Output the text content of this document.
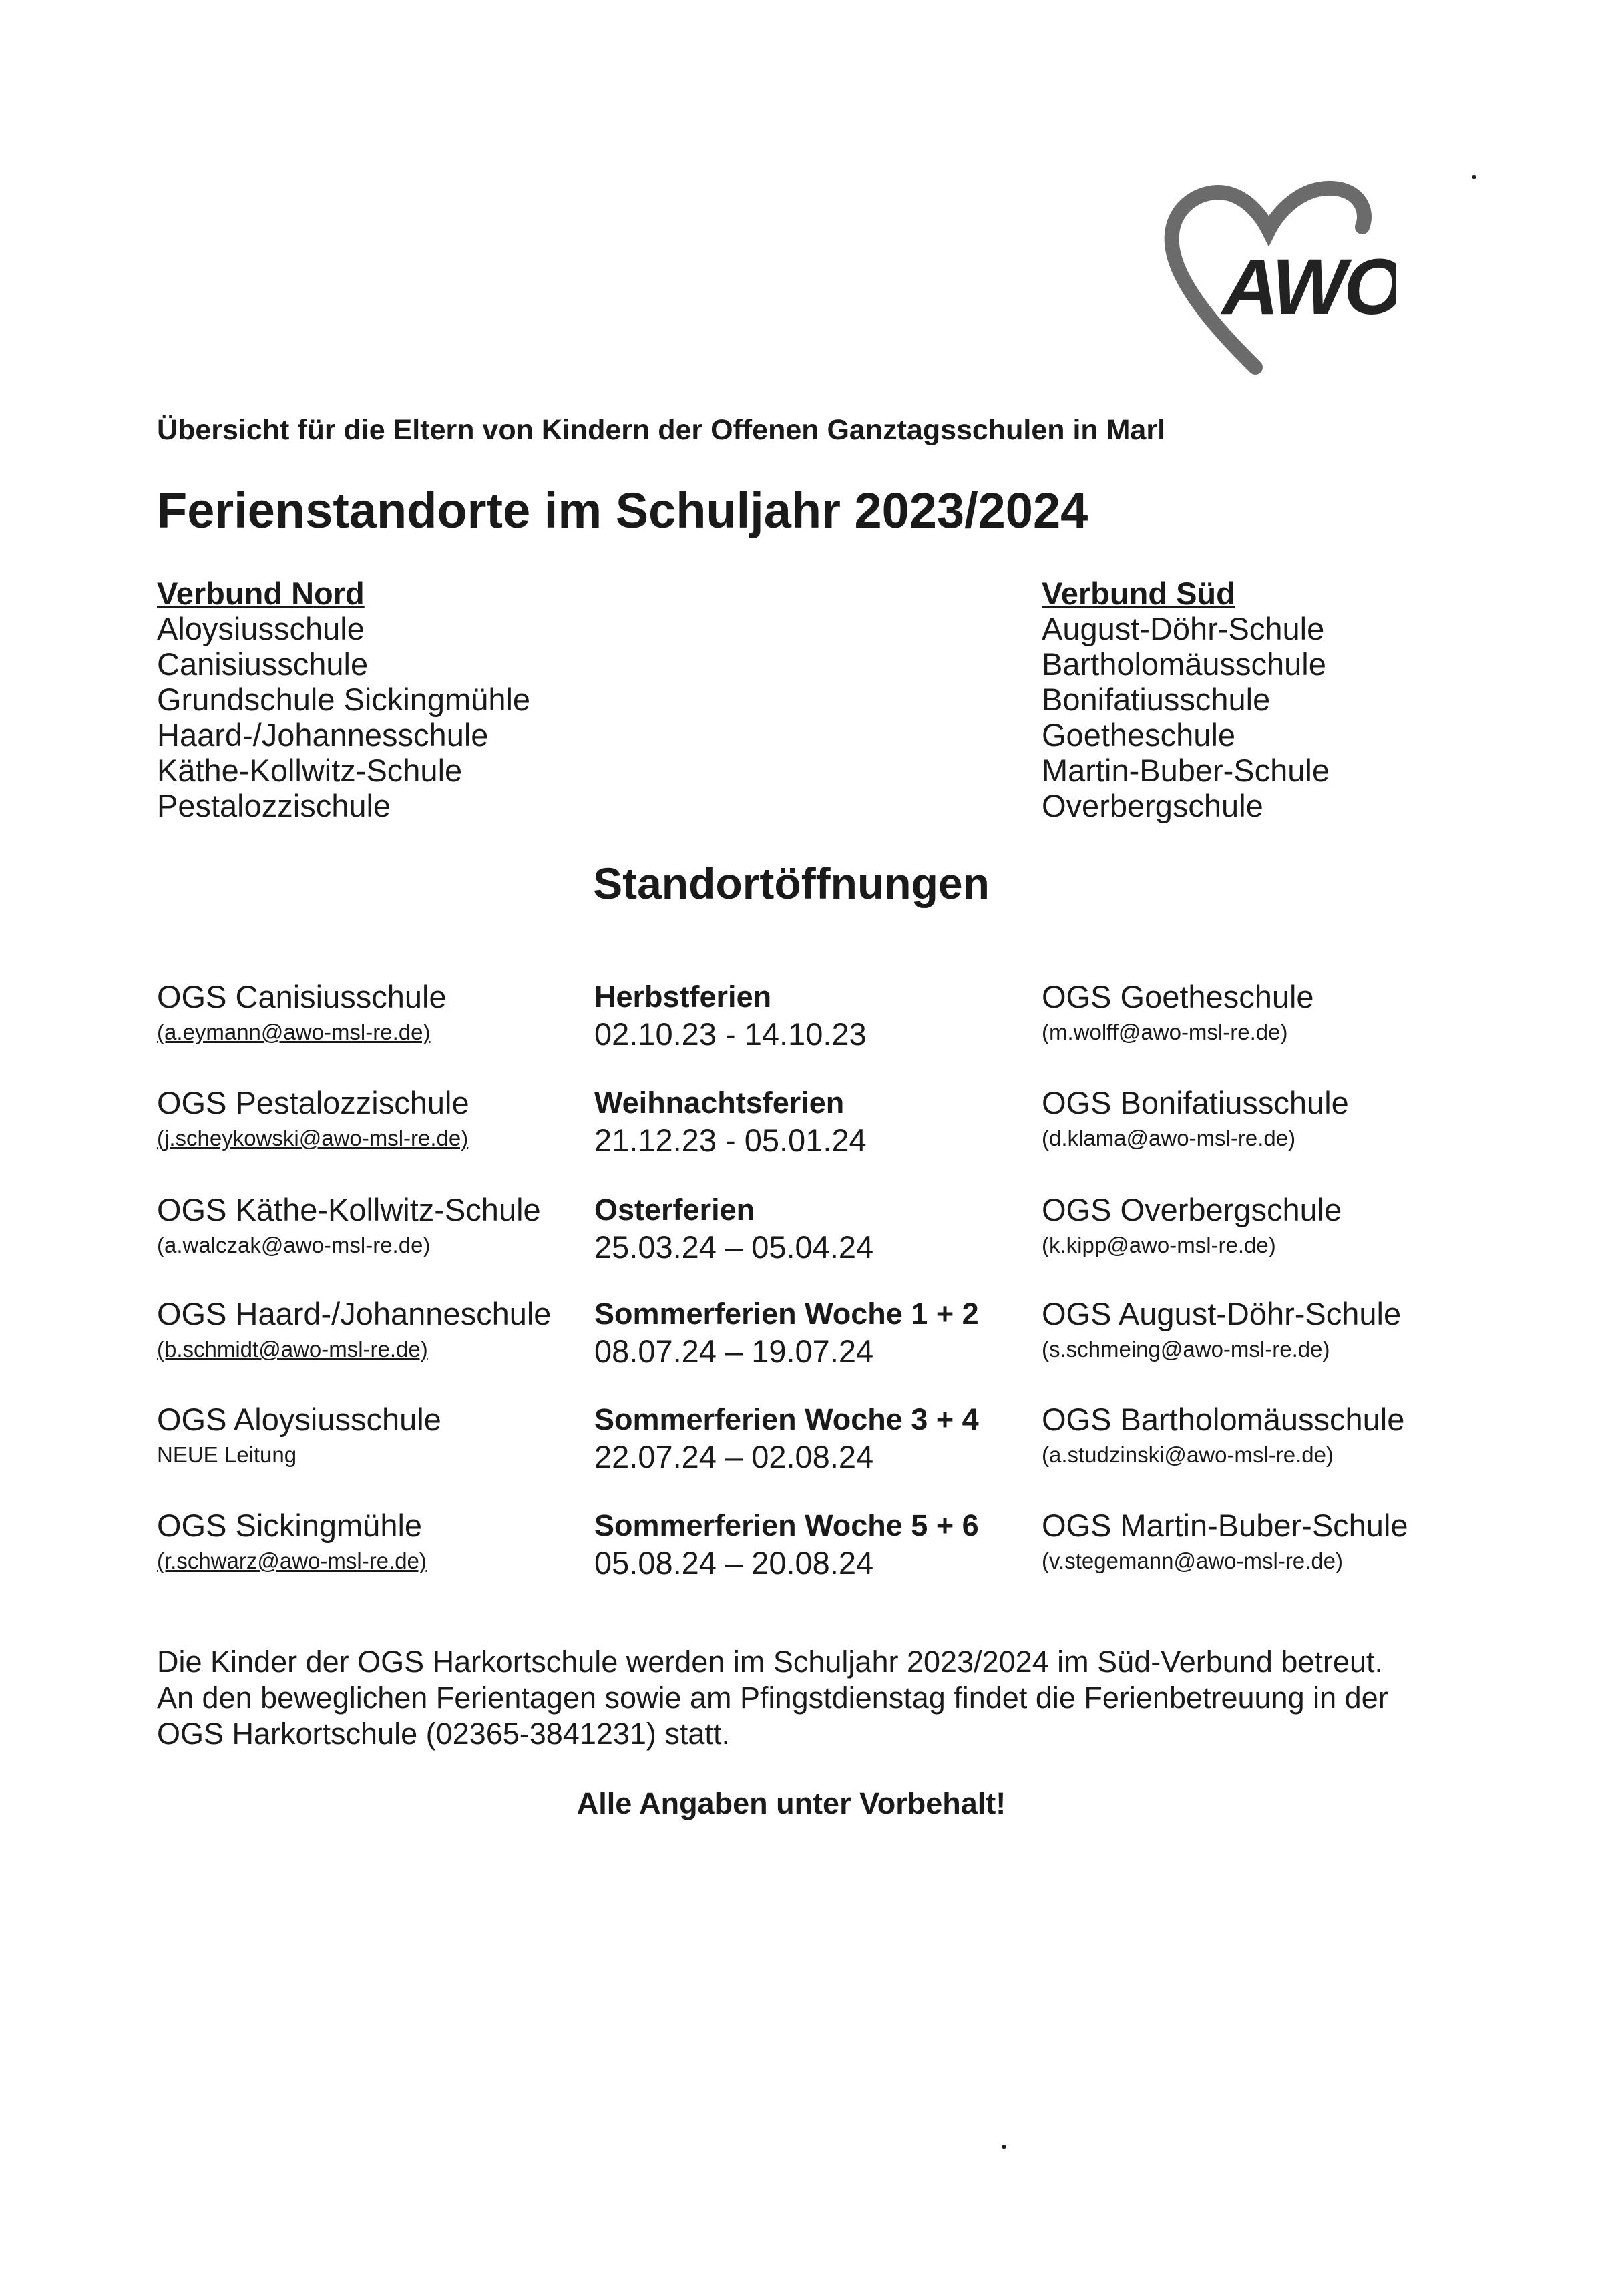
AWO
Übersicht für die Eltern von Kindern der Offenen Ganztagsschulen in Marl
Ferienstandorte im Schuljahr 2023/2024
Verbund Nord
Aloysiusschule
Canisiusschule
Grundschule Sickingmühle
Haard-/Johannesschule
Käthe-Kollwitz-Schule
Pestalozzischule
Verbund Süd
August-Döhr-Schule
Bartholomäusschule
Bonifatiusschule
Goetheschule
Martin-Buber-Schule
Overbergschule
Standortöffnungen
OGS Canisiusschule
(a.eymann@awo-msl-re.de)
Herbstferien
02.10.23 - 14.10.23
OGS Goetheschule
(m.wolff@awo-msl-re.de)
OGS Pestalozzischule
(j.scheykowski@awo-msl-re.de)
Weihnachtsferien
21.12.23 - 05.01.24
OGS Bonifatiusschule
(d.klama@awo-msl-re.de)
OGS Käthe-Kollwitz-Schule
(a.walczak@awo-msl-re.de)
Osterferien
25.03.24 – 05.04.24
OGS Overbergschule
(k.kipp@awo-msl-re.de)
OGS Haard-/Johanneschule
(b.schmidt@awo-msl-re.de)
Sommerferien Woche 1 + 2
08.07.24 – 19.07.24
OGS August-Döhr-Schule
(s.schmeing@awo-msl-re.de)
OGS Aloysiusschule
NEUE Leitung
Sommerferien Woche 3 + 4
22.07.24 – 02.08.24
OGS Bartholomäusschule
(a.studzinski@awo-msl-re.de)
OGS Sickingmühle
(r.schwarz@awo-msl-re.de)
Sommerferien Woche 5 + 6
05.08.24 – 20.08.24
OGS Martin-Buber-Schule
(v.stegemann@awo-msl-re.de)
Die Kinder der OGS Harkortschule werden im Schuljahr 2023/2024 im Süd-Verbund betreut.
An den beweglichen Ferientagen sowie am Pfingstdienstag findet die Ferienbetreuung in der
OGS Harkortschule (02365-3841231) statt.
Alle Angaben unter Vorbehalt!
